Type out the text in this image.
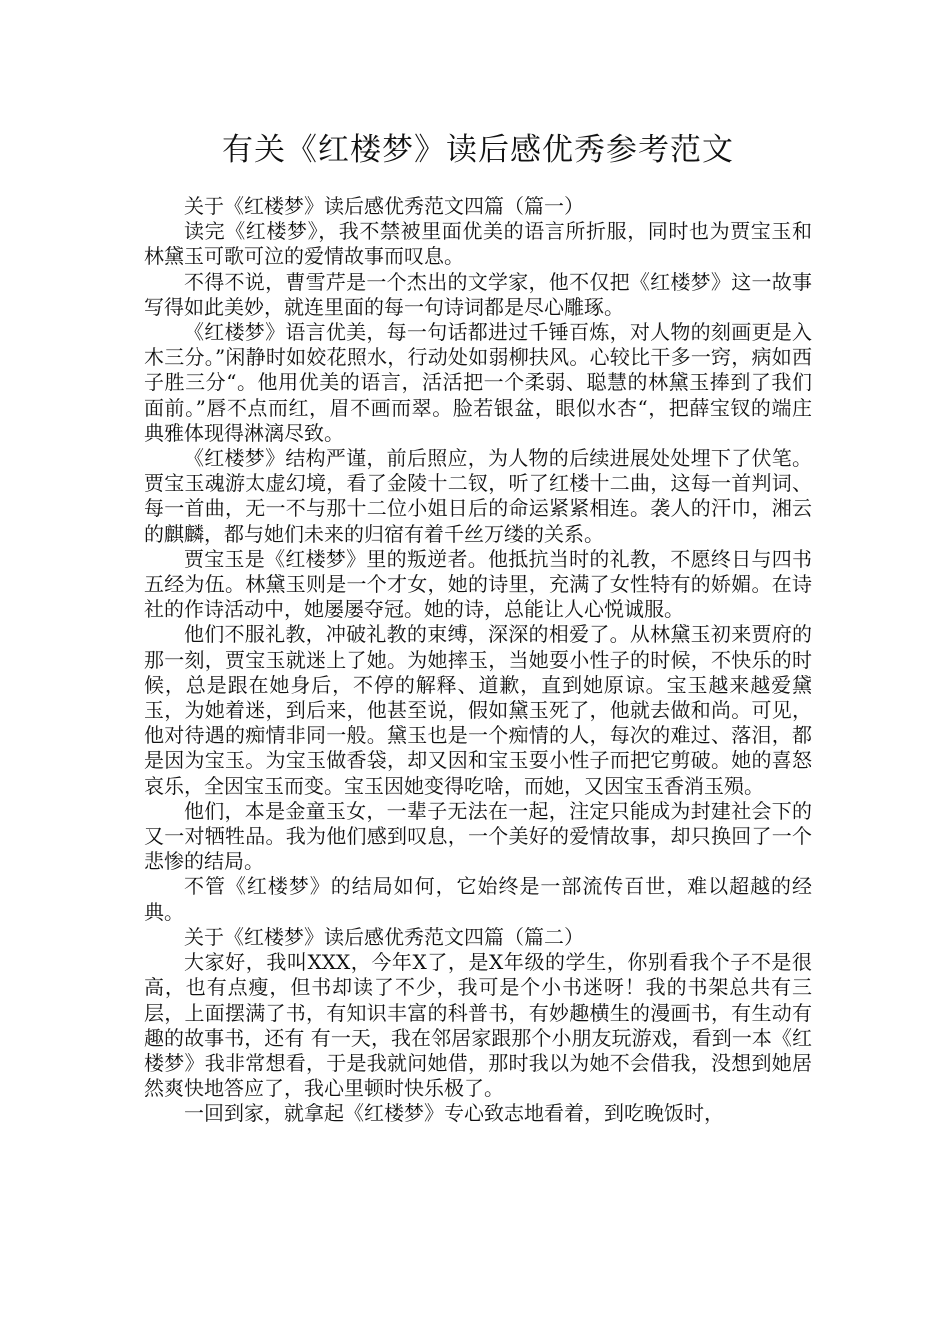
有关《红楼梦》读后感优秀参考范文

关于《红楼梦》读后感优秀范文四篇（篇一）

读完《红楼梦》，我不禁被里面优美的语言所折服，同时也为贾宝玉和林黛玉可歌可泣的爱情故事而叹息。

不得不说，曹雪芹是一个杰出的文学家，他不仅把《红楼梦》这一故事写得如此美妙，就连里面的每一句诗词都是尽心雕琢。

《红楼梦》语言优美，每一句话都进过千锤百炼，对人物的刻画更是入木三分。”闲静时如姣花照水，行动处如弱柳扶风。心较比干多一窍，病如西子胜三分“。他用优美的语言，活活把一个柔弱、聪慧的林黛玉捧到了我们面前。”唇不点而红，眉不画而翠。脸若银盆，眼似水杏“，把薛宝钗的端庄典雅体现得淋漓尽致。

《红楼梦》结构严谨，前后照应，为人物的后续进展处处埋下了伏笔。贾宝玉魂游太虚幻境，看了金陵十二钗，听了红楼十二曲，这每一首判词、每一首曲，无一不与那十二位小姐日后的命运紧紧相连。袭人的汗巾，湘云的麒麟，都与她们未来的归宿有着千丝万缕的关系。

贾宝玉是《红楼梦》里的叛逆者。他抵抗当时的礼教，不愿终日与四书五经为伍。林黛玉则是一个才女，她的诗里，充满了女性特有的娇媚。在诗社的作诗活动中，她屡屡夺冠。她的诗，总能让人心悦诚服。

他们不服礼教，冲破礼教的束缚，深深的相爱了。从林黛玉初来贾府的那一刻，贾宝玉就迷上了她。为她摔玉，当她耍小性子的时候，不快乐的时候，总是跟在她身后，不停的解释、道歉，直到她原谅。宝玉越来越爱黛玉，为她着迷，到后来，他甚至说，假如黛玉死了，他就去做和尚。可见，他对待遇的痴情非同一般。黛玉也是一个痴情的人，每次的难过、落泪，都是因为宝玉。为宝玉做香袋，却又因和宝玉耍小性子而把它剪破。她的喜怒哀乐，全因宝玉而变。宝玉因她变得吃啥，而她，又因宝玉香消玉殒。

他们，本是金童玉女，一辈子无法在一起，注定只能成为封建社会下的又一对牺牲品。我为他们感到叹息，一个美好的爱情故事，却只换回了一个悲惨的结局。

不管《红楼梦》的结局如何，它始终是一部流传百世，难以超越的经典。

关于《红楼梦》读后感优秀范文四篇（篇二）

大家好，我叫XXX，今年X了，是X年级的学生，你别看我个子不是很高，也有点瘦，但书却读了不少，我可是个小书迷呀！我的书架总共有三层，上面摆满了书，有知识丰富的科普书，有妙趣横生的漫画书，有生动有趣的故事书，还有 有一天，我在邻居家跟那个小朋友玩游戏，看到一本《红楼梦》我非常想看，于是我就问她借，那时我以为她不会借我，没想到她居然爽快地答应了，我心里顿时快乐极了。

一回到家，就拿起《红楼梦》专心致志地看着，到吃晚饭时，
